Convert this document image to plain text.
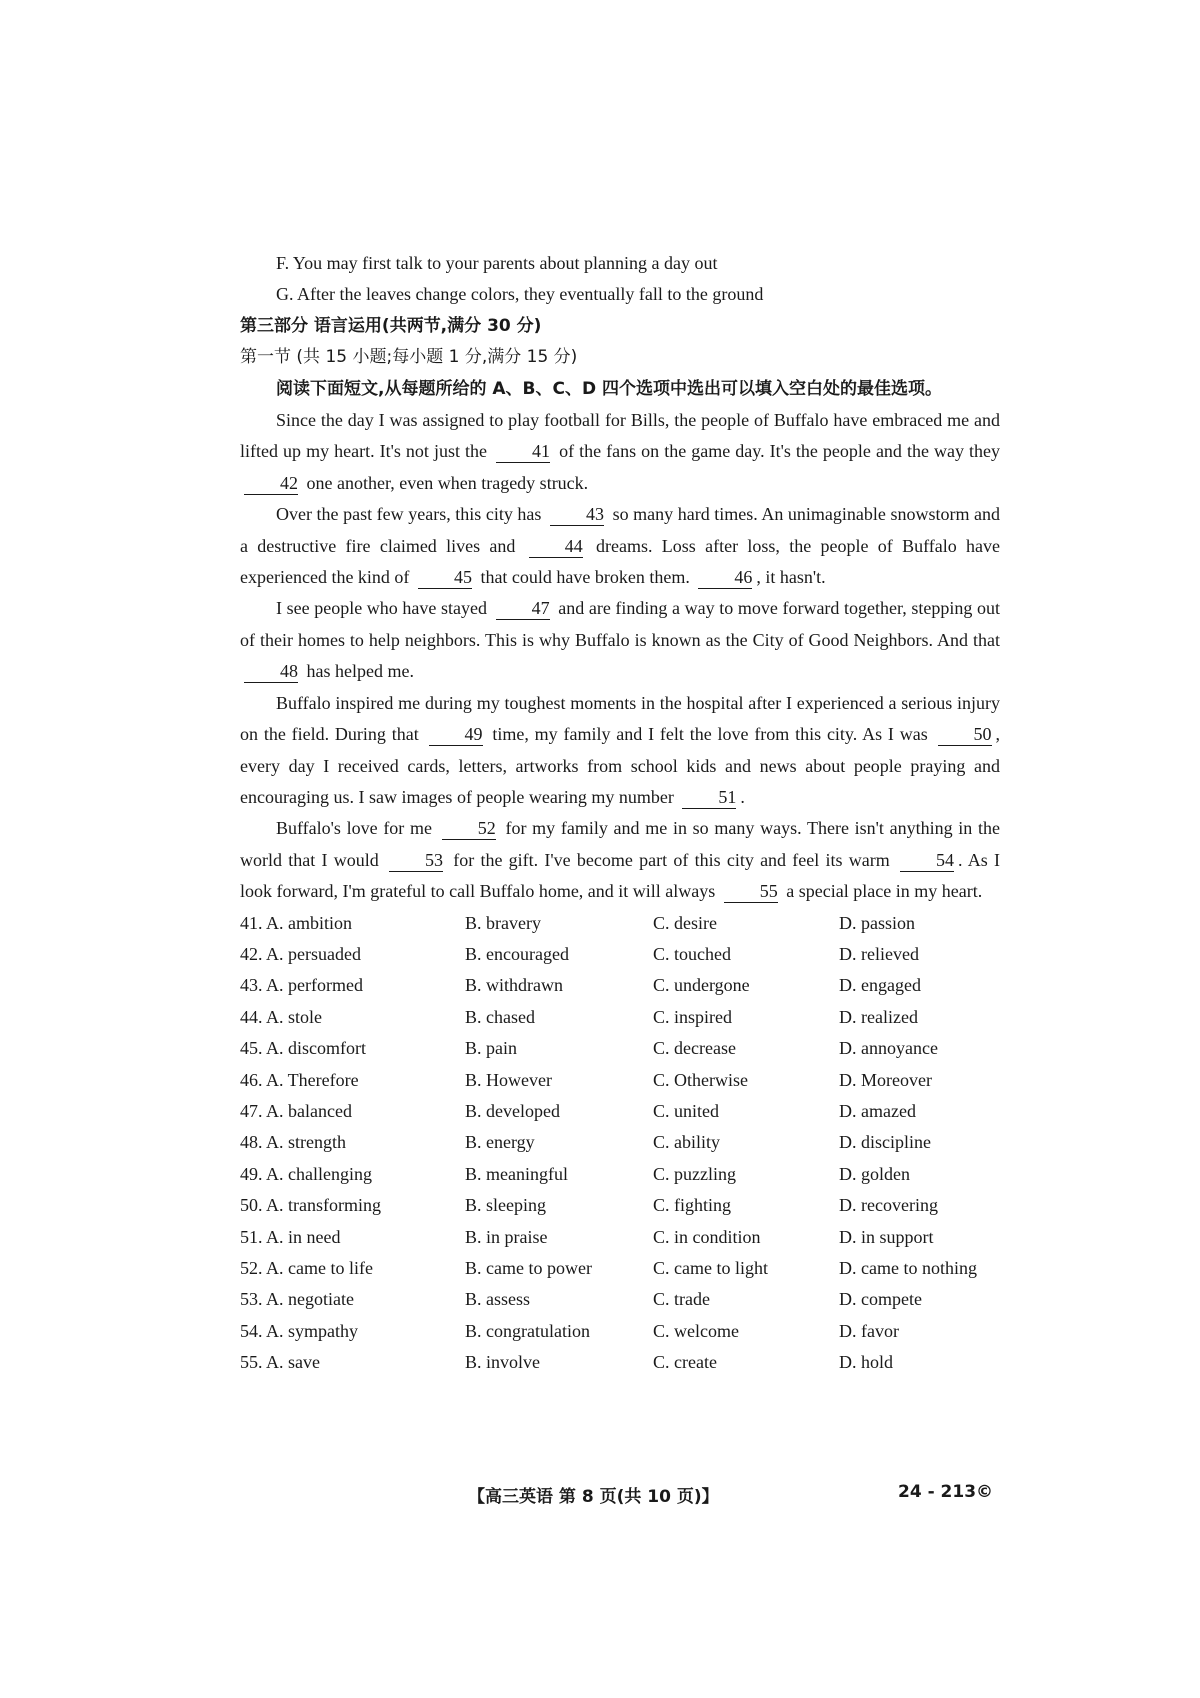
F. You may first talk to your parents about planning a day out
G. After the leaves change colors, they eventually fall to the ground
第三部分 语言运用(共两节,满分 30 分)
第一节 (共 15 小题;每小题 1 分,满分 15 分)
阅读下面短文,从每题所给的 A、B、C、D 四个选项中选出可以填入空白处的最佳选项。

Since the day I was assigned to play football for Bills, the people of Buffalo have embraced me and lifted up my heart. It's not just the	41 of the fans on the game day. It's the people and the way they 42 one another, even when tragedy struck.

Over the past few years, this city has 43 so many hard times. An unimaginable snowstorm and a destructive fire claimed lives and	44 dreams. Loss after loss, the people of Buffalo have experienced the kind of 45 that could have broken them. 46 , it hasn't.

I see people who have stayed 47 and are finding a way to move forward together, stepping out of their homes to help neighbors. This is why Buffalo is known as the City of Good Neighbors. And that 48 has helped me.

Buffalo inspired me during my toughest moments in the hospital after I experienced a serious injury on the field. During that	49 time, my family and I felt the love from this city. As I was	50 , every day I received cards, letters, artworks from school kids and news about people praying and encouraging us. I saw images of people wearing my number 51 .

Buffalo's love for me	52 for my family and me in so many ways. There isn't anything in the world that I would	53 for the gift. I've become part of this city and feel its warm	54 . As I look forward, I'm grateful to call Buffalo home, and it will always 55 a special place in my heart.

41. A. ambition	B. bravery	C. desire	D. passion
42. A. persuaded	B. encouraged	C. touched	D. relieved
43. A. performed	B. withdrawn	C. undergone	D. engaged
44. A. stole	B. chased	C. inspired	D. realized
45. A. discomfort	B. pain	C. decrease	D. annoyance
46. A. Therefore	B. However	C. Otherwise	D. Moreover
47. A. balanced	B. developed	C. united	D. amazed
48. A. strength	B. energy	C. ability	D. discipline
49. A. challenging	B. meaningful	C. puzzling	D. golden
50. A. transforming	B. sleeping	C. fighting	D. recovering
51. A. in need	B. in praise	C. in condition	D. in support
52. A. came to life	B. came to power	C. came to light	D. came to nothing
53. A. negotiate	B. assess	C. trade	D. compete
54. A. sympathy	B. congratulation	C. welcome	D. favor
55. A. save	B. involve	C. create	D. hold
【高三英语 第 8 页(共 10 页)】	24 - 213©
